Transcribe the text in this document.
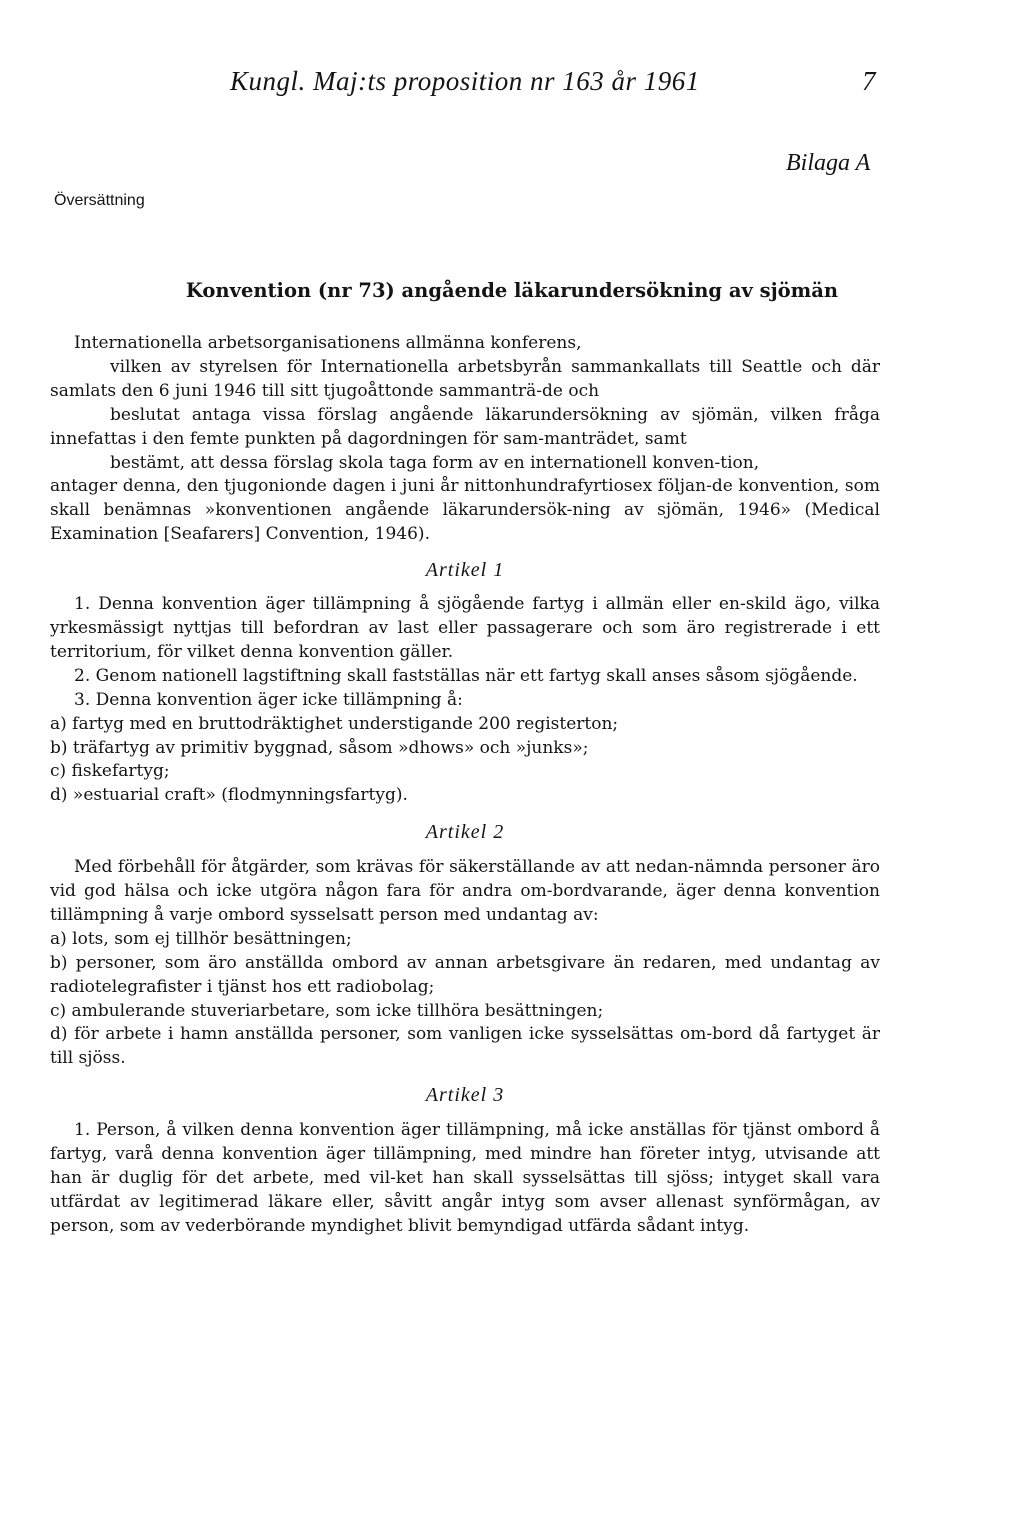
Kungl. Maj:ts proposition nr 163 år 1961	7
Bilaga A
Översättning
Konvention (nr 73) angående läkarundersökning av sjömän

Internationella arbetsorganisationens allmänna konferens,

vilken av styrelsen för Internationella arbetsbyrån sammankallats till Seattle och där samlats den 6 juni 1946 till sitt tjugoåttonde sammanträ-de och

beslutat antaga vissa förslag angående läkarundersökning av sjömän, vilken fråga innefattas i den femte punkten på dagordningen för sam-manträdet, samt

bestämt, att dessa förslag skola taga form av en internationell konven-tion,

antager denna, den tjugonionde dagen i juni år nittonhundrafyrtiosex följan-de konvention, som skall benämnas »konventionen angående läkarundersök-ning av sjömän, 1946» (Medical Examination [Seafarers] Convention, 1946).

Artikel 1

1. Denna konvention äger tillämpning å sjögående fartyg i allmän eller en-skild ägo, vilka yrkesmässigt nyttjas till befordran av last eller passagerare och som äro registrerade i ett territorium, för vilket denna konvention gäller.

2. Genom nationell lagstiftning skall fastställas när ett fartyg skall anses såsom sjögående.

3. Denna konvention äger icke tillämpning å:

a) fartyg med en bruttodräktighet understigande 200 registerton;

b) träfartyg av primitiv byggnad, såsom »dhows» och »junks»;

c) fiskefartyg;

d) »estuarial craft» (flodmynningsfartyg).

Artikel 2

Med förbehåll för åtgärder, som krävas för säkerställande av att nedan-nämnda personer äro vid god hälsa och icke utgöra någon fara för andra om-bordvarande, äger denna konvention tillämpning å varje ombord sysselsatt person med undantag av:

a) lots, som ej tillhör besättningen;

b) personer, som äro anställda ombord av annan arbetsgivare än redaren, med undantag av radiotelegrafister i tjänst hos ett radiobolag;

c) ambulerande stuveriarbetare, som icke tillhöra besättningen;

d) för arbete i hamn anställda personer, som vanligen icke sysselsättas om-bord då fartyget är till sjöss.

Artikel 3

1. Person, å vilken denna konvention äger tillämpning, må icke anställas för tjänst ombord å fartyg, varå denna konvention äger tillämpning, med mindre han företer intyg, utvisande att han är duglig för det arbete, med vil-ket han skall sysselsättas till sjöss; intyget skall vara utfärdat av legitimerad läkare eller, såvitt angår intyg som avser allenast synförmågan, av person, som av vederbörande myndighet blivit bemyndigad utfärda sådant intyg.
